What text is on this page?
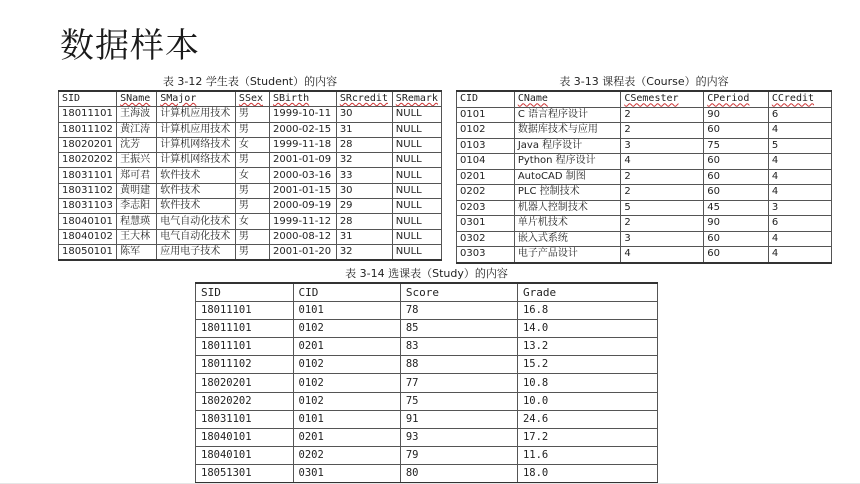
数据样本
表 3-12 学生表（Student）的内容
SID	SName	SMajor	SSex	SBirth	SRcredit	SRemark
18011101	王海波	计算机应用技术	男	1999-10-11	30	NULL
18011102	黄江涛	计算机应用技术	男	2000-02-15	31	NULL
18020201	沈芳	计算机网络技术	女	1999-11-18	28	NULL
18020202	王振兴	计算机网络技术	男	2001-01-09	32	NULL
18031101	郑可君	软件技术	女	2000-03-16	33	NULL
18031102	黄明建	软件技术	男	2001-01-15	30	NULL
18031103	李志阳	软件技术	男	2000-09-19	29	NULL
18040101	程慧瑛	电气自动化技术	女	1999-11-12	28	NULL
18040102	王大林	电气自动化技术	男	2000-08-12	31	NULL
18050101	陈军	应用电子技术	男	2001-01-20	32	NULL
表 3-13 课程表（Course）的内容
CID	CName	CSemester	CPeriod	CCredit
0101	C 语言程序设计	2	90	6
0102	数据库技术与应用	2	60	4
0103	Java 程序设计	3	75	5
0104	Python 程序设计	4	60	4
0201	AutoCAD 制图	2	60	4
0202	PLC 控制技术	2	60	4
0203	机器人控制技术	5	45	3
0301	单片机技术	2	90	6
0302	嵌入式系统	3	60	4
0303	电子产品设计	4	60	4
表 3-14 选课表（Study）的内容
SID	CID	Score	Grade
18011101	0101	78	16.8
18011101	0102	85	14.0
18011101	0201	83	13.2
18011102	0102	88	15.2
18020201	0102	77	10.8
18020202	0102	75	10.0
18031101	0101	91	24.6
18040101	0201	93	17.2
18040101	0202	79	11.6
18051301	0301	80	18.0
